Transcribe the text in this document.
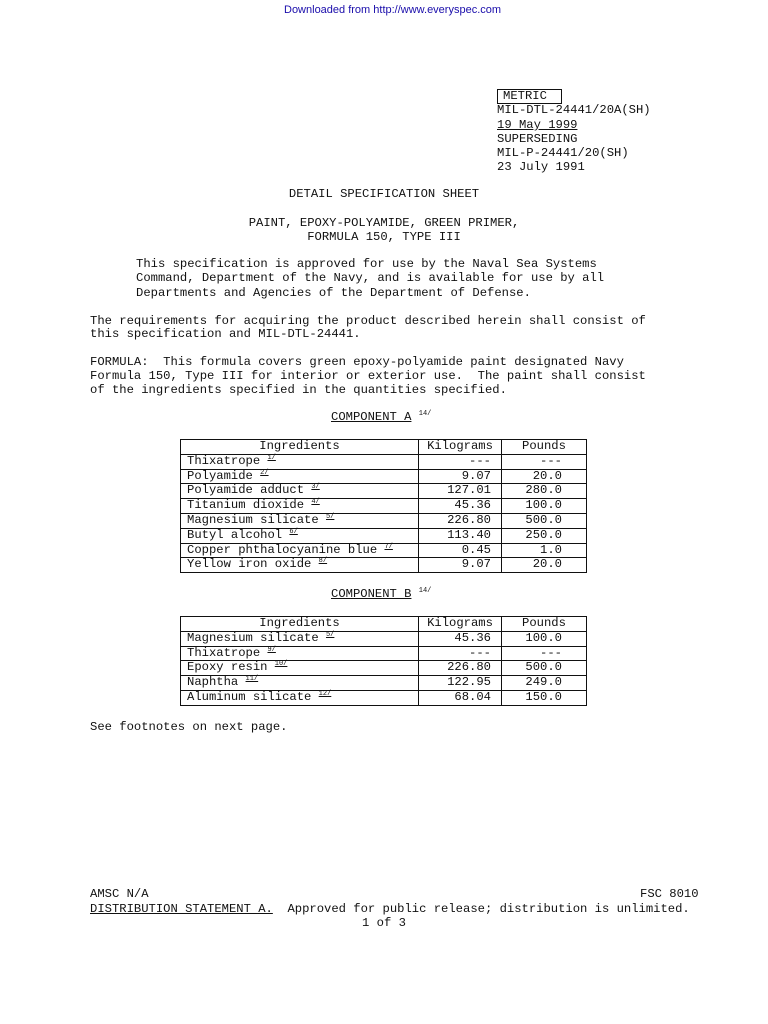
Downloaded from http://www.everyspec.com
METRIC
MIL-DTL-24441/20A(SH)
19 May 1999
SUPERSEDING
MIL-P-24441/20(SH)
23 July 1991
DETAIL SPECIFICATION SHEET
PAINT, EPOXY-POLYAMIDE, GREEN PRIMER,
FORMULA 150, TYPE III
This specification is approved for use by the Naval Sea Systems
Command, Department of the Navy, and is available for use by all
Departments and Agencies of the Department of Defense.
The requirements for acquiring the product described herein shall consist of
this specification and MIL-DTL-24441.
FORMULA:  This formula covers green epoxy-polyamide paint designated Navy
Formula 150, Type III for interior or exterior use.  The paint shall consist
of the ingredients specified in the quantities specified.
COMPONENT A $^{14/}$
Ingredients	Kilograms	Pounds
Thixatrope $^{1/}$	---	---
Polyamide $^{2/}$	9.07	20.0
Polyamide adduct $^{3/}$	127.01	280.0
Titanium dioxide $^{4/}$	45.36	100.0
Magnesium silicate $^{5/}$	226.80	500.0
Butyl alcohol $^{6/}$	113.40	250.0
Copper phthalocyanine blue $^{7/}$	0.45	1.0
Yellow iron oxide $^{8/}$	9.07	20.0
COMPONENT B $^{14/}$
Ingredients	Kilograms	Pounds
Magnesium silicate $^{5/}$	45.36	100.0
Thixatrope $^{9/}$	---	---
Epoxy resin $^{10/}$	226.80	500.0
Naphtha $^{11/}$	122.95	249.0
Aluminum silicate $^{12/}$	68.04	150.0
See footnotes on next page.
AMSC N/A	FSC 8010
DISTRIBUTION STATEMENT A.  Approved for public release; distribution is unlimited.
1 of 3
